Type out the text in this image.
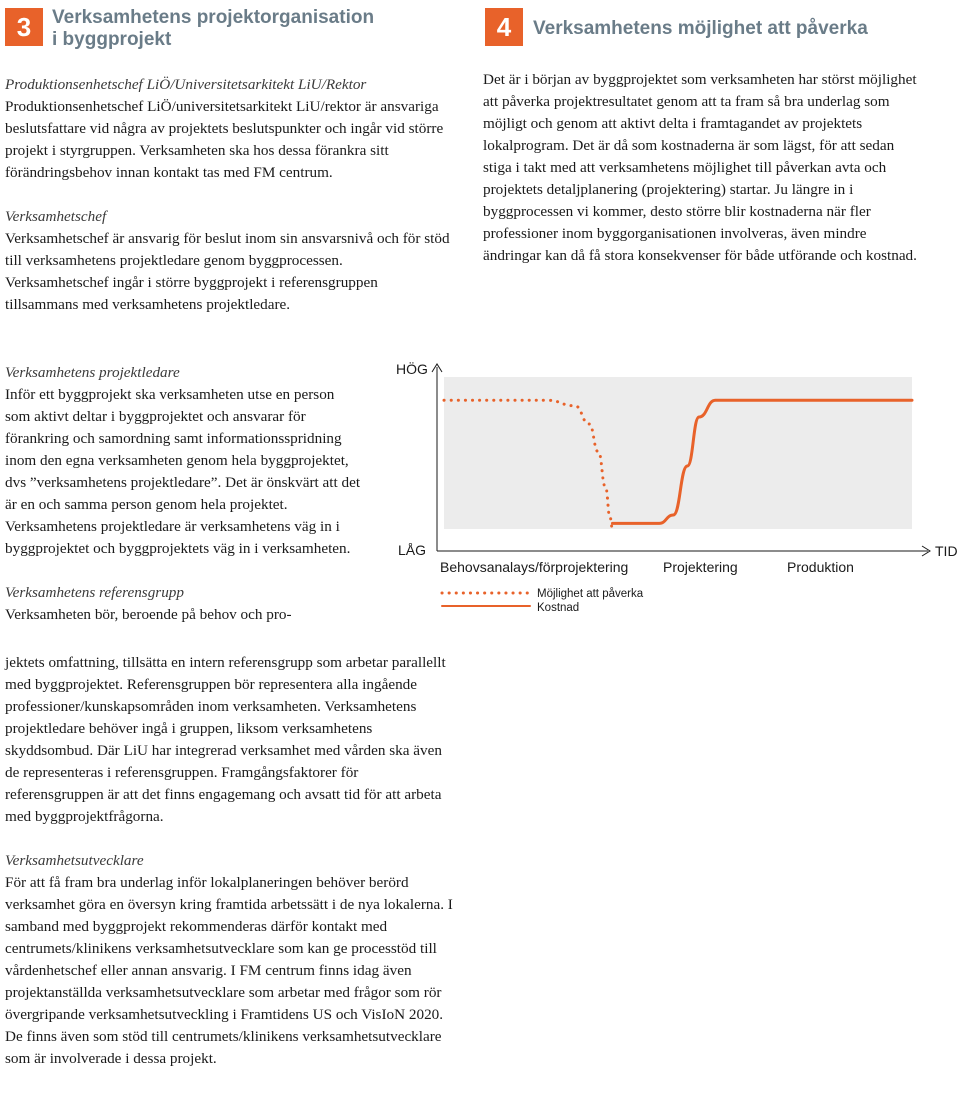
3	Verksamhetens projektorganisation
i byggprojekt

Produktionsenhetschef LiÖ/Universitetsarkitekt LiU/Rektor

Produktionsenhetschef LiÖ/universitetsarkitekt LiU/rektor är ansvariga beslutsfattare vid några av projektets beslutspunkter och ingår vid större projekt i styrgruppen. Verksamheten ska hos dessa förankra sitt förändringsbehov innan kontakt tas med FM centrum.

Verksamhetschef

Verksamhetschef är ansvarig för beslut inom sin ansvarsnivå och för stöd till verksamhetens projektledare genom byggprocessen. Verksamhetschef ingår i större byggprojekt i referensgruppen tillsammans med verksamhetens projektledare.

Verksamhetens projektledare

Inför ett byggprojekt ska verksamheten utse en person som aktivt deltar i byggprojektet och ansvarar för förankring och samordning samt informationsspridning inom den egna verksamheten genom hela byggprojektet, dvs ”verksamhetens projektledare”. Det är önskvärt att det är en och samma person genom hela projektet. Verksamhetens projektledare är verksamhetens väg in i byggprojektet och byggprojektets väg in i verksamheten.

Verksamhetens referensgrupp

Verksamheten bör, beroende på behov och pro-

jektets omfattning, tillsätta en intern referensgrupp som arbetar parallellt med byggprojektet. Referensgruppen bör representera alla ingående professioner/kunskapsområden inom verksamheten. Verksamhetens projektledare behöver ingå i gruppen, liksom verksamhetens skyddsombud. Där LiU har integrerad verksamhet med vården ska även de representeras i referensgruppen. Framgångsfaktorer för referensgruppen är att det finns engagemang och avsatt tid för att arbeta med byggprojektfrågorna.

Verksamhetsutvecklare

För att få fram bra underlag inför lokalplaneringen behöver berörd verksamhet göra en översyn kring framtida arbetssätt i de nya lokalerna. I samband med byggprojekt rekommenderas därför kontakt med centrumets/klinikens verksamhetsutvecklare som kan ge processtöd till vårdenhetschef eller annan ansvarig. I FM centrum finns idag även projektanställda verksamhetsutvecklare som arbetar med frågor som rör övergripande verksamhetsutveckling i Framtidens US och VisIoN 2020. De finns även som stöd till centrumets/klinikens verksamhetsutvecklare som är involverade i dessa projekt.

4	Verksamhetens möjlighet att påverka

Det är i början av byggprojektet som verksamheten har störst möjlighet att påverka projektresultatet genom att ta fram så bra underlag som möjligt och genom att aktivt delta i framtagandet av projektets lokalprogram. Det är då som kostnaderna är som lägst, för att sedan stiga i takt med att verksamhetens möjlighet till påverkan avta och projektets detaljplanering (projektering) startar. Ju längre in i byggprocessen vi kommer, desto större blir kostnaderna när fler professioner inom byggorganisationen involveras, även mindre ändringar kan då få stora konsekvenser för både utförande och kostnad.

HÖG
LÅG	TID
Behovsanalays/förprojektering Projektering	Produktion
Möjlighet att påverka
Kostnad
